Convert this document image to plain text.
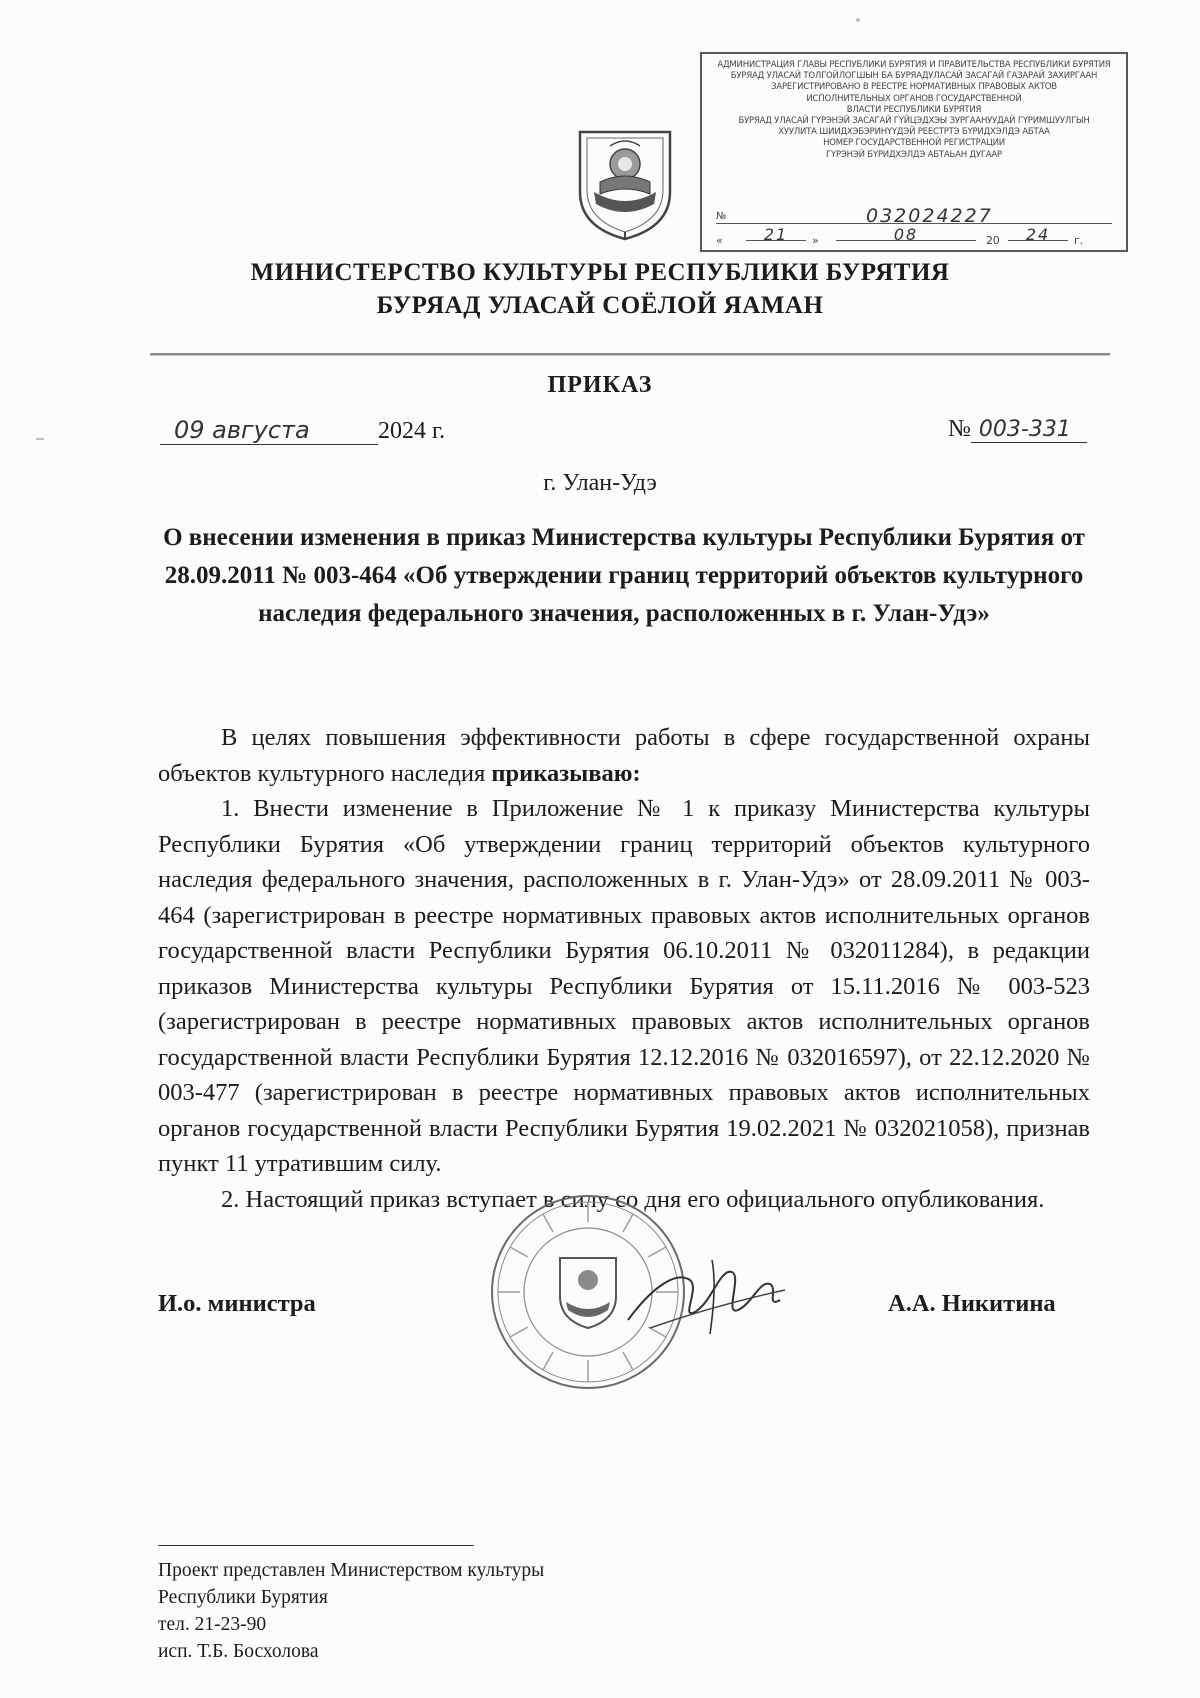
АДМИНИСТРАЦИЯ ГЛАВЫ РЕСПУБЛИКИ БУРЯТИЯ И ПРАВИТЕЛЬСТВА РЕСПУБЛИКИ БУРЯТИЯ
БУРЯАД УЛАСАЙ ТОЛГОЙЛОГШЫН БА БУРЯАДУЛАСАЙ ЗАСАГАЙ ГАЗАРАЙ ЗАХИРГААН
ЗАРЕГИСТРИРОВАНО В РЕЕСТРЕ НОРМАТИВНЫХ ПРАВОВЫХ АКТОВ
ИСПОЛНИТЕЛЬНЫХ ОРГАНОВ ГОСУДАРСТВЕННОЙ
ВЛАСТИ РЕСПУБЛИКИ БУРЯТИЯ
БУРЯАД УЛАСАЙ ГҮРЭНЭЙ ЗАСАГАЙ ГҮЙЦЭДХЭЫ ЗУРГААНУУДАЙ ГҮРИМШУУЛГЫН
ХУУЛИТА ШИИДХЭБЭРИНҮҮДЭЙ РЕЕСТРТЭ БҮРИДХЭЛДЭ АБТАА
НОМЕР ГОСУДАРСТВЕННОЙ РЕГИСТРАЦИИ
ГҮРЭНЭЙ БҮРИДХЭЛДЭ АБТАЬАН ДУГААР
№	032024227
«	21	»	08	20	24	г.
МИНИСТЕРСТВО КУЛЬТУРЫ РЕСПУБЛИКИ БУРЯТИЯ
БУРЯАД УЛАСАЙ СОЁЛОЙ ЯАМАН
ПРИКАЗ
09 августа	2024 г.	№ 003-331
г. Улан-Удэ
О внесении изменения в приказ Министерства культуры Республики Бурятия от 28.09.2011 № 003-464 «Об утверждении границ территорий объектов культурного наследия федерального значения, расположенных в г. Улан-Удэ»

В целях повышения эффективности работы в сфере государственной охраны объектов культурного наследия приказываю:

1. Внести изменение в Приложение № 1 к приказу Министерства культуры Республики Бурятия «Об утверждении границ территорий объектов культурного наследия федерального значения, расположенных в г. Улан-Удэ» от 28.09.2011 № 003-464 (зарегистрирован в реестре нормативных правовых актов исполнительных органов государственной власти Республики Бурятия 06.10.2011 № 032011284), в редакции приказов Министерства культуры Республики Бурятия от 15.11.2016 № 003-523 (зарегистрирован в реестре нормативных правовых актов исполнительных органов государственной власти Республики Бурятия 12.12.2016 № 032016597), от 22.12.2020 № 003-477 (зарегистрирован в реестре нормативных правовых актов исполнительных органов государственной власти Республики Бурятия 19.02.2021 № 032021058), признав пункт 11 утратившим силу.

2. Настоящий приказ вступает в силу со дня его официального опубликования.

И.о. министра	А.А. Никитина
Проект представлен Министерством культуры
Республики Бурятия
тел. 21-23-90
исп. Т.Б. Босхолова
